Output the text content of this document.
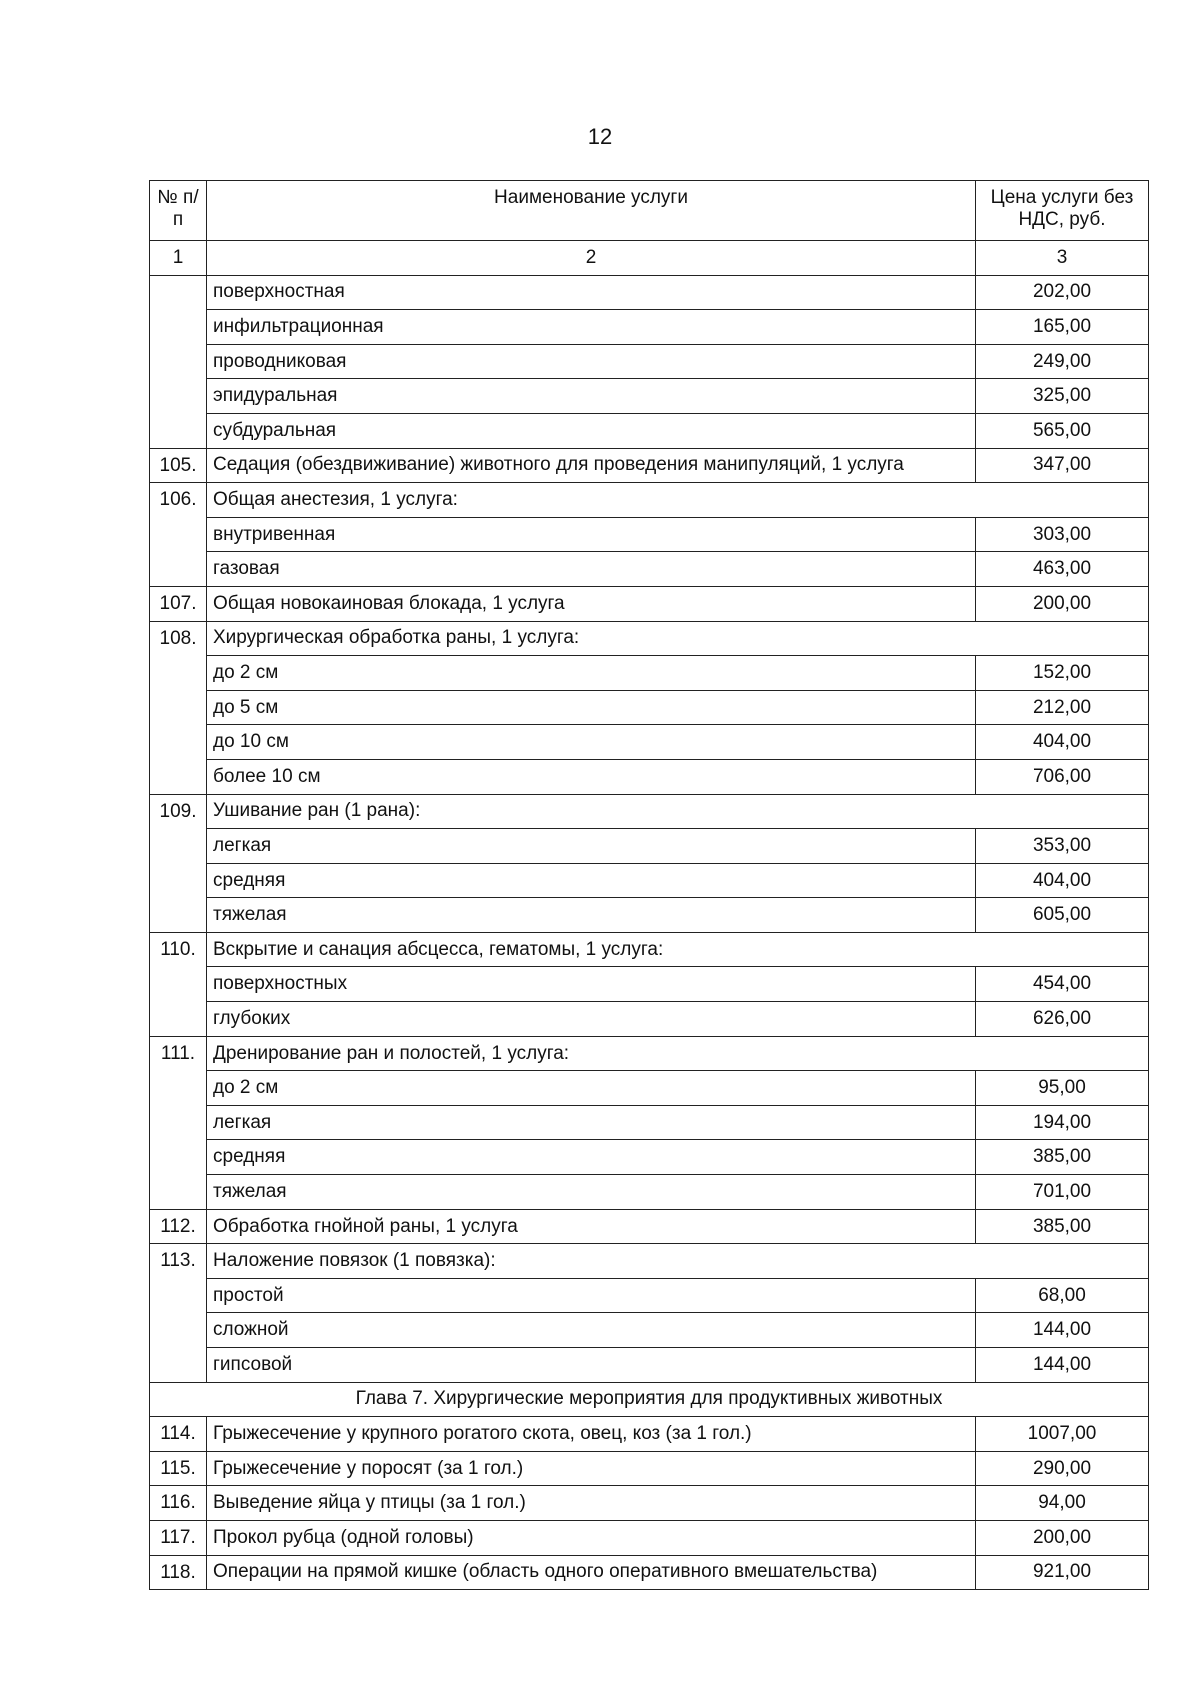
12
№ п/п	Наименование услуги	Цена услуги без НДС, руб.
1	2	3
	поверхностная	202,00
	инфильтрационная	165,00
	проводниковая	249,00
	эпидуральная	325,00
	субдуральная	565,00
105.	Седация (обездвиживание) животного для проведения манипуляций, 1 услуга	347,00
106.	Общая анестезия, 1 услуга:	
	внутривенная	303,00
	газовая	463,00
107.	Общая новокаиновая блокада, 1 услуга	200,00
108.	Хирургическая обработка раны, 1 услуга:	
	до 2 см	152,00
	до 5 см	212,00
	до 10 см	404,00
	более 10 см	706,00
109.	Ушивание ран (1 рана):	
	легкая	353,00
	средняя	404,00
	тяжелая	605,00
110.	Вскрытие и санация абсцесса, гематомы, 1 услуга:	
	поверхностных	454,00
	глубоких	626,00
111.	Дренирование ран и полостей, 1 услуга:	
	до 2 см	95,00
	легкая	194,00
	средняя	385,00
	тяжелая	701,00
112.	Обработка гнойной раны, 1 услуга	385,00
113.	Наложение повязок (1 повязка):	
	простой	68,00
	сложной	144,00
	гипсовой	144,00
Глава 7. Хирургические мероприятия для продуктивных животных		
114.	Грыжесечение у крупного рогатого скота, овец, коз (за 1 гол.)	1007,00
115.	Грыжесечение у поросят (за 1 гол.)	290,00
116.	Выведение яйца у птицы (за 1 гол.)	94,00
117.	Прокол рубца (одной головы)	200,00
118.	Операции на прямой кишке (область одного оперативного вмешательства)	921,00
